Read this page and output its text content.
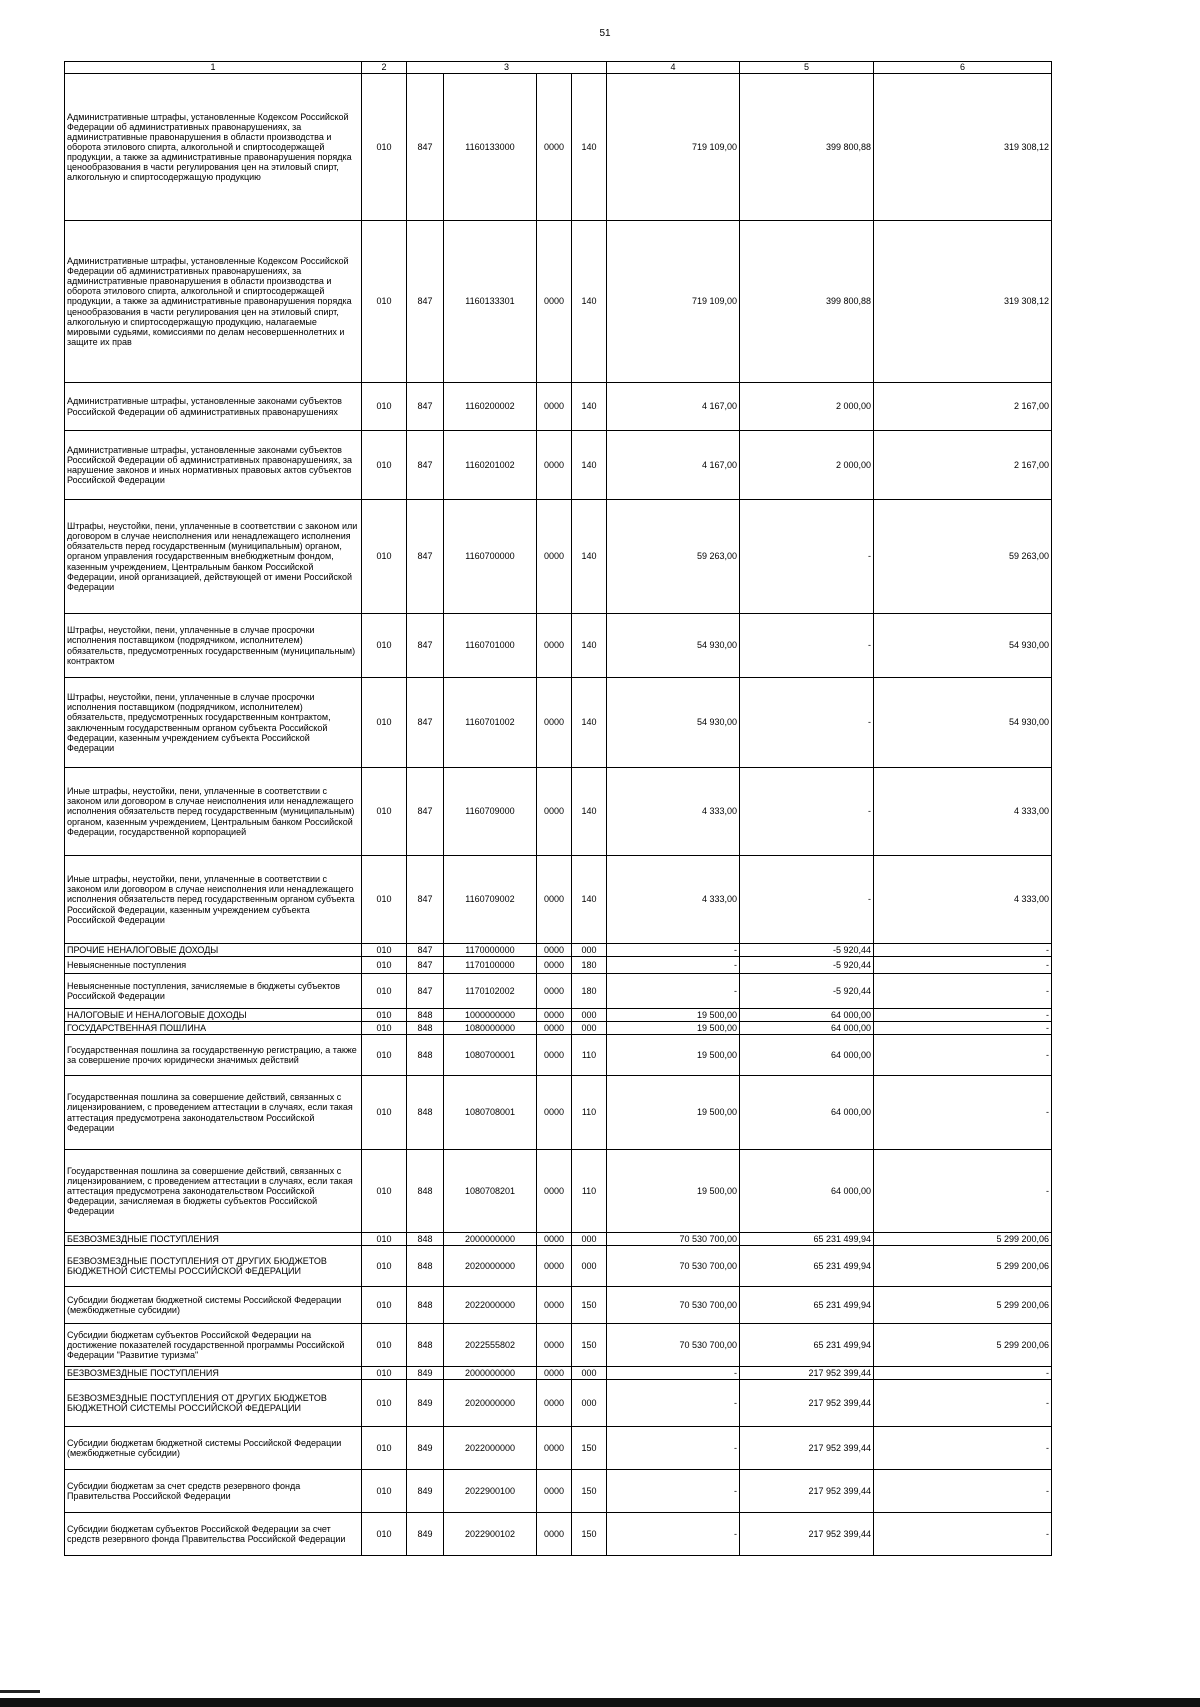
51
1	2	3				4	5	6
Административные штрафы, установленные Кодексом Российской Федерации об административных правонарушениях, за административные правонарушения в области производства и оборота этилового спирта, алкогольной и спиртосодержащей продукции, а также за административные правонарушения порядка ценообразования в части регулирования цен на этиловый спирт, алкогольную и спиртосодержащую продукцию	010	847	1160133000	0000	140	719 109,00	399 800,88	319 308,12
Административные штрафы, установленные Кодексом Российской Федерации об административных правонарушениях, за административные правонарушения в области производства и оборота этилового спирта, алкогольной и спиртосодержащей продукции, а также за административные правонарушения порядка ценообразования в части регулирования цен на этиловый спирт, алкогольную и спиртосодержащую продукцию, налагаемые мировыми судьями, комиссиями по делам несовершеннолетних и защите их прав	010	847	1160133301	0000	140	719 109,00	399 800,88	319 308,12
Административные штрафы, установленные законами субъектов Российской Федерации об административных правонарушениях	010	847	1160200002	0000	140	4 167,00	2 000,00	2 167,00
Административные штрафы, установленные законами субъектов Российской Федерации об административных правонарушениях, за нарушение законов и иных нормативных правовых актов субъектов Российской Федерации	010	847	1160201002	0000	140	4 167,00	2 000,00	2 167,00
Штрафы, неустойки, пени, уплаченные в соответствии с законом или договором в случае неисполнения или ненадлежащего исполнения обязательств перед государственным (муниципальным) органом, органом управления государственным внебюджетным фондом, казенным учреждением, Центральным банком Российской Федерации, иной организацией, действующей от имени Российской Федерации	010	847	1160700000	0000	140	59 263,00	-	59 263,00
Штрафы, неустойки, пени, уплаченные в случае просрочки исполнения поставщиком (подрядчиком, исполнителем) обязательств, предусмотренных государственным (муниципальным) контрактом	010	847	1160701000	0000	140	54 930,00	-	54 930,00
Штрафы, неустойки, пени, уплаченные в случае просрочки исполнения поставщиком (подрядчиком, исполнителем) обязательств, предусмотренных государственным контрактом, заключенным государственным органом субъекта Российской Федерации, казенным учреждением субъекта Российской Федерации	010	847	1160701002	0000	140	54 930,00	-	54 930,00
Иные штрафы, неустойки, пени, уплаченные в соответствии с законом или договором в случае неисполнения или ненадлежащего исполнения обязательств перед государственным (муниципальным) органом, казенным учреждением, Центральным банком Российской Федерации, государственной корпорацией	010	847	1160709000	0000	140	4 333,00	-	4 333,00
Иные штрафы, неустойки, пени, уплаченные в соответствии с законом или договором в случае неисполнения или ненадлежащего исполнения обязательств перед государственным органом субъекта Российской Федерации, казенным учреждением субъекта Российской Федерации	010	847	1160709002	0000	140	4 333,00	-	4 333,00
ПРОЧИЕ НЕНАЛОГОВЫЕ ДОХОДЫ	010	847	1170000000	0000	000	-	-5 920,44	-
Невыясненные поступления	010	847	1170100000	0000	180	-	-5 920,44	-
Невыясненные поступления, зачисляемые в бюджеты субъектов Российской Федерации	010	847	1170102002	0000	180	-	-5 920,44	-
НАЛОГОВЫЕ И НЕНАЛОГОВЫЕ ДОХОДЫ	010	848	1000000000	0000	000	19 500,00	64 000,00	-
ГОСУДАРСТВЕННАЯ ПОШЛИНА	010	848	1080000000	0000	000	19 500,00	64 000,00	-
Государственная пошлина за государственную регистрацию, а также за совершение прочих юридически значимых действий	010	848	1080700001	0000	110	19 500,00	64 000,00	-
Государственная пошлина за совершение действий, связанных с лицензированием, с проведением аттестации в случаях, если такая аттестация предусмотрена законодательством Российской Федерации	010	848	1080708001	0000	110	19 500,00	64 000,00	-
Государственная пошлина за совершение действий, связанных с лицензированием, с проведением аттестации в случаях, если такая аттестация предусмотрена законодательством Российской Федерации, зачисляемая в бюджеты субъектов Российской Федерации	010	848	1080708201	0000	110	19 500,00	64 000,00	-
БЕЗВОЗМЕЗДНЫЕ ПОСТУПЛЕНИЯ	010	848	2000000000	0000	000	70 530 700,00	65 231 499,94	5 299 200,06
БЕЗВОЗМЕЗДНЫЕ ПОСТУПЛЕНИЯ ОТ ДРУГИХ БЮДЖЕТОВ БЮДЖЕТНОЙ СИСТЕМЫ РОССИЙСКОЙ ФЕДЕРАЦИИ	010	848	2020000000	0000	000	70 530 700,00	65 231 499,94	5 299 200,06
Субсидии бюджетам бюджетной системы Российской Федерации (межбюджетные субсидии)	010	848	2022000000	0000	150	70 530 700,00	65 231 499,94	5 299 200,06
Субсидии бюджетам субъектов Российской Федерации на достижение показателей государственной программы Российской Федерации "Развитие туризма"	010	848	2022555802	0000	150	70 530 700,00	65 231 499,94	5 299 200,06
БЕЗВОЗМЕЗДНЫЕ ПОСТУПЛЕНИЯ	010	849	2000000000	0000	000	-	217 952 399,44	-
БЕЗВОЗМЕЗДНЫЕ ПОСТУПЛЕНИЯ ОТ ДРУГИХ БЮДЖЕТОВ БЮДЖЕТНОЙ СИСТЕМЫ РОССИЙСКОЙ ФЕДЕРАЦИИ	010	849	2020000000	0000	000	-	217 952 399,44	-
Субсидии бюджетам бюджетной системы Российской Федерации (межбюджетные субсидии)	010	849	2022000000	0000	150	-	217 952 399,44	-
Субсидии бюджетам за счет средств резервного фонда Правительства Российской Федерации	010	849	2022900100	0000	150	-	217 952 399,44	-
Субсидии бюджетам субъектов Российской Федерации за счет средств резервного фонда Правительства Российской Федерации	010	849	2022900102	0000	150	-	217 952 399,44	-
